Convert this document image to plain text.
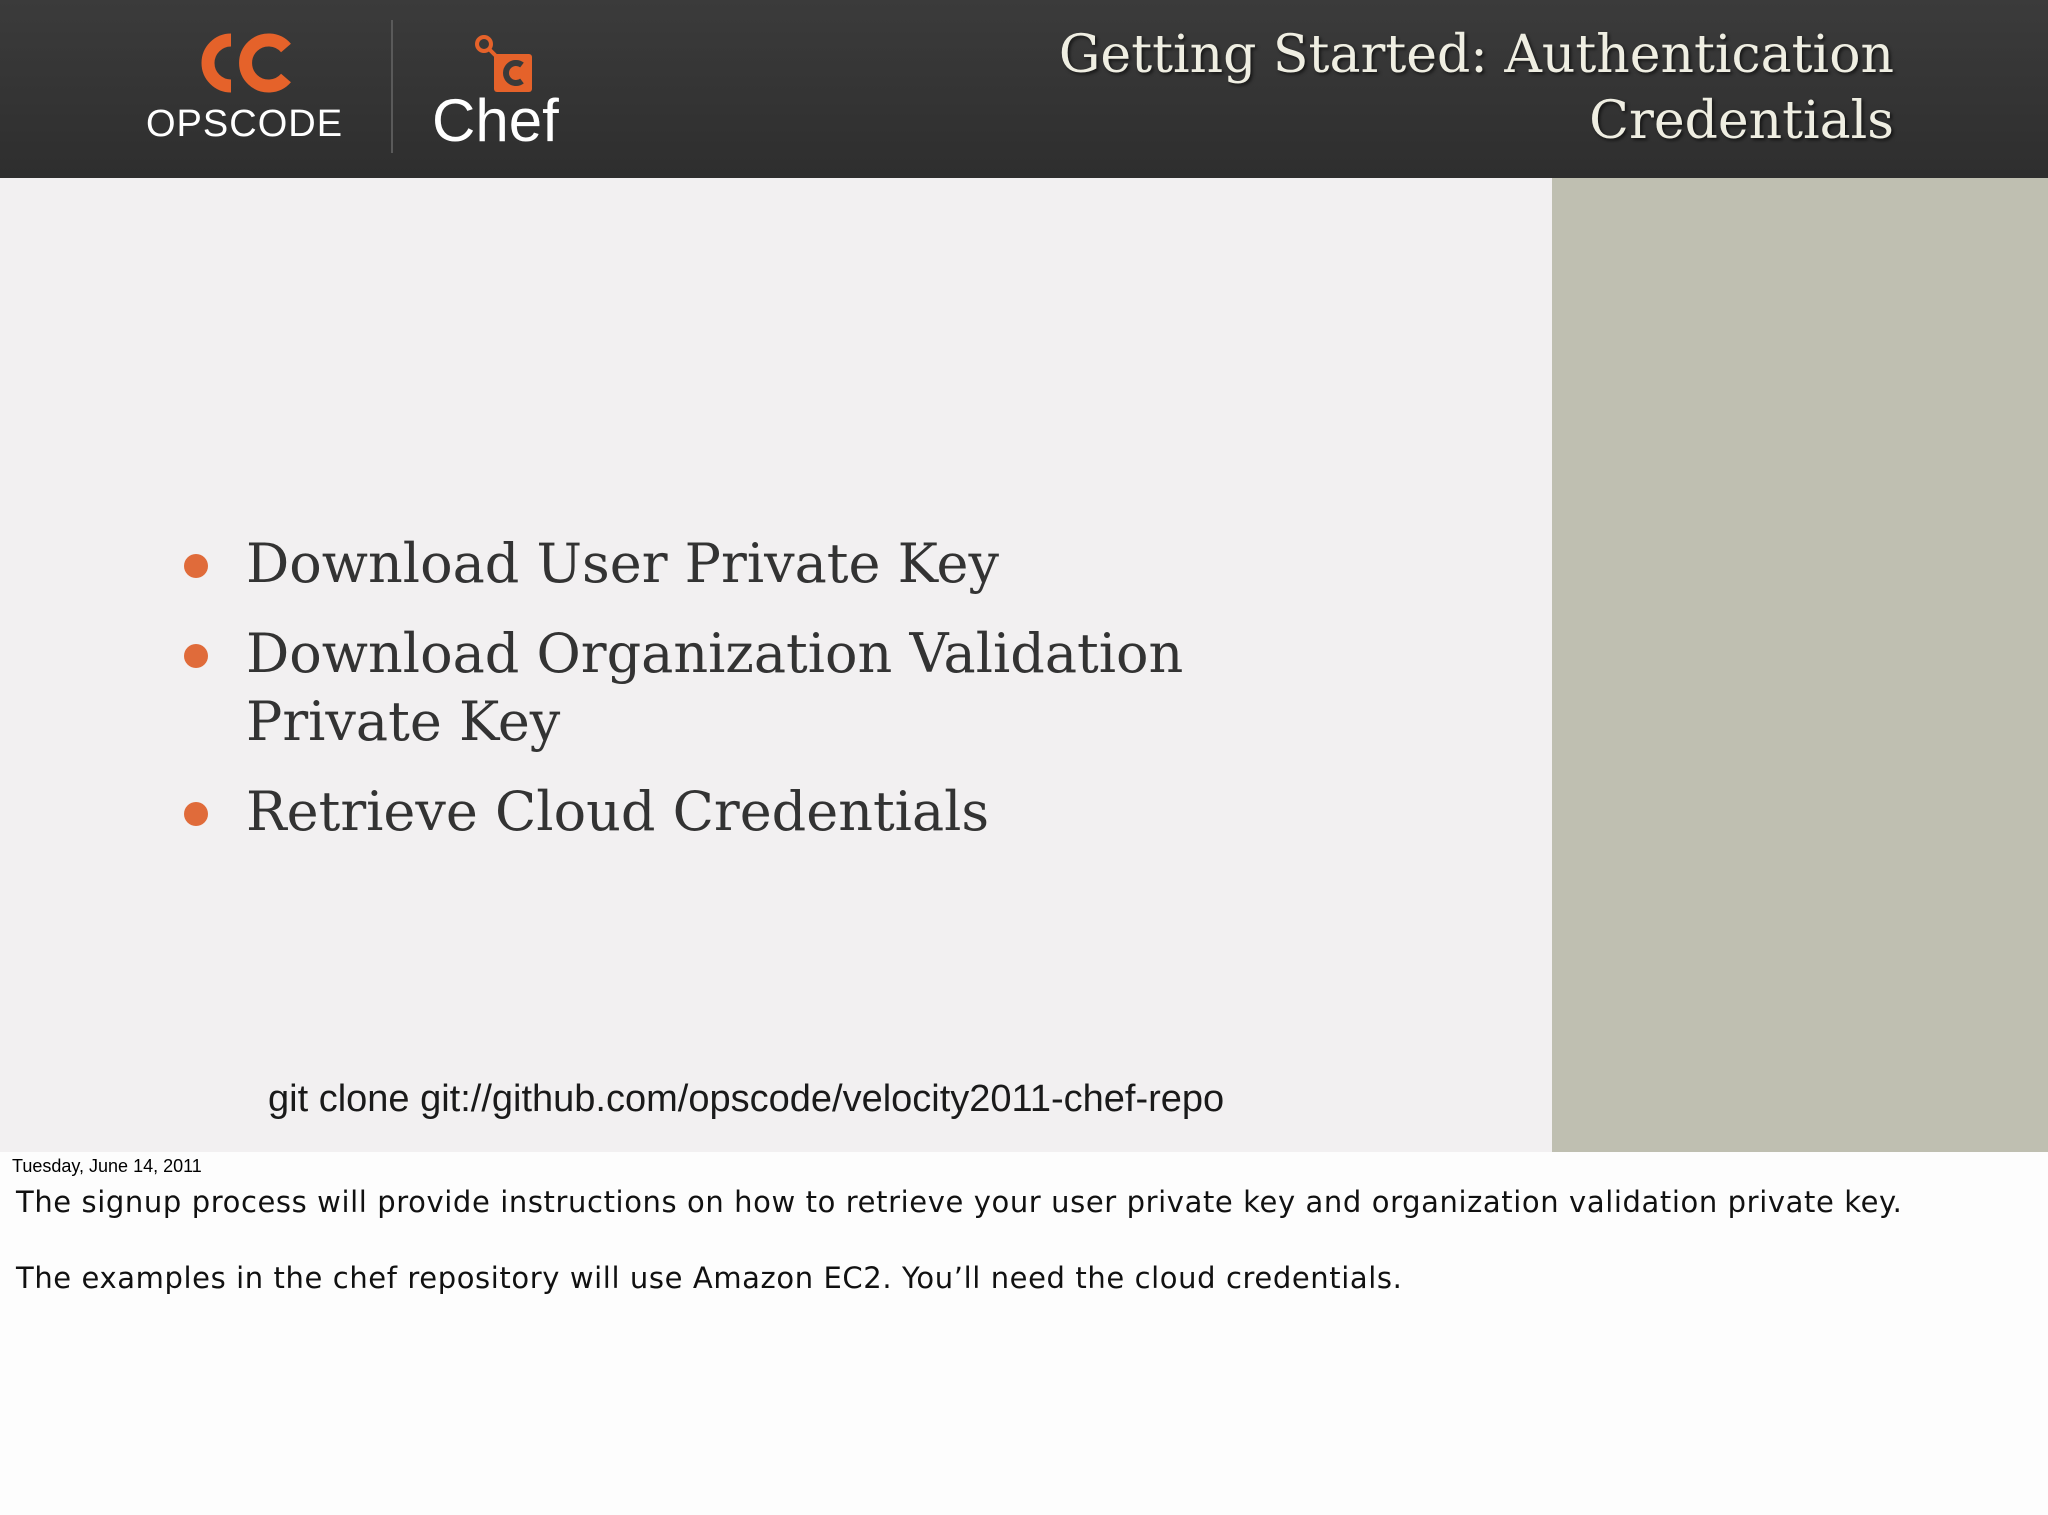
OPSCODE Chef
Getting Started: Authentication
Credentials
Download User Private Key
Download Organization Validation Private Key
Retrieve Cloud Credentials
git clone git://github.com/opscode/velocity2011-chef-repo
Tuesday, June 14, 2011

The signup process will provide instructions on how to retrieve your user private key and organization validation private key.

The examples in the chef repository will use Amazon EC2. You’ll need the cloud credentials.
